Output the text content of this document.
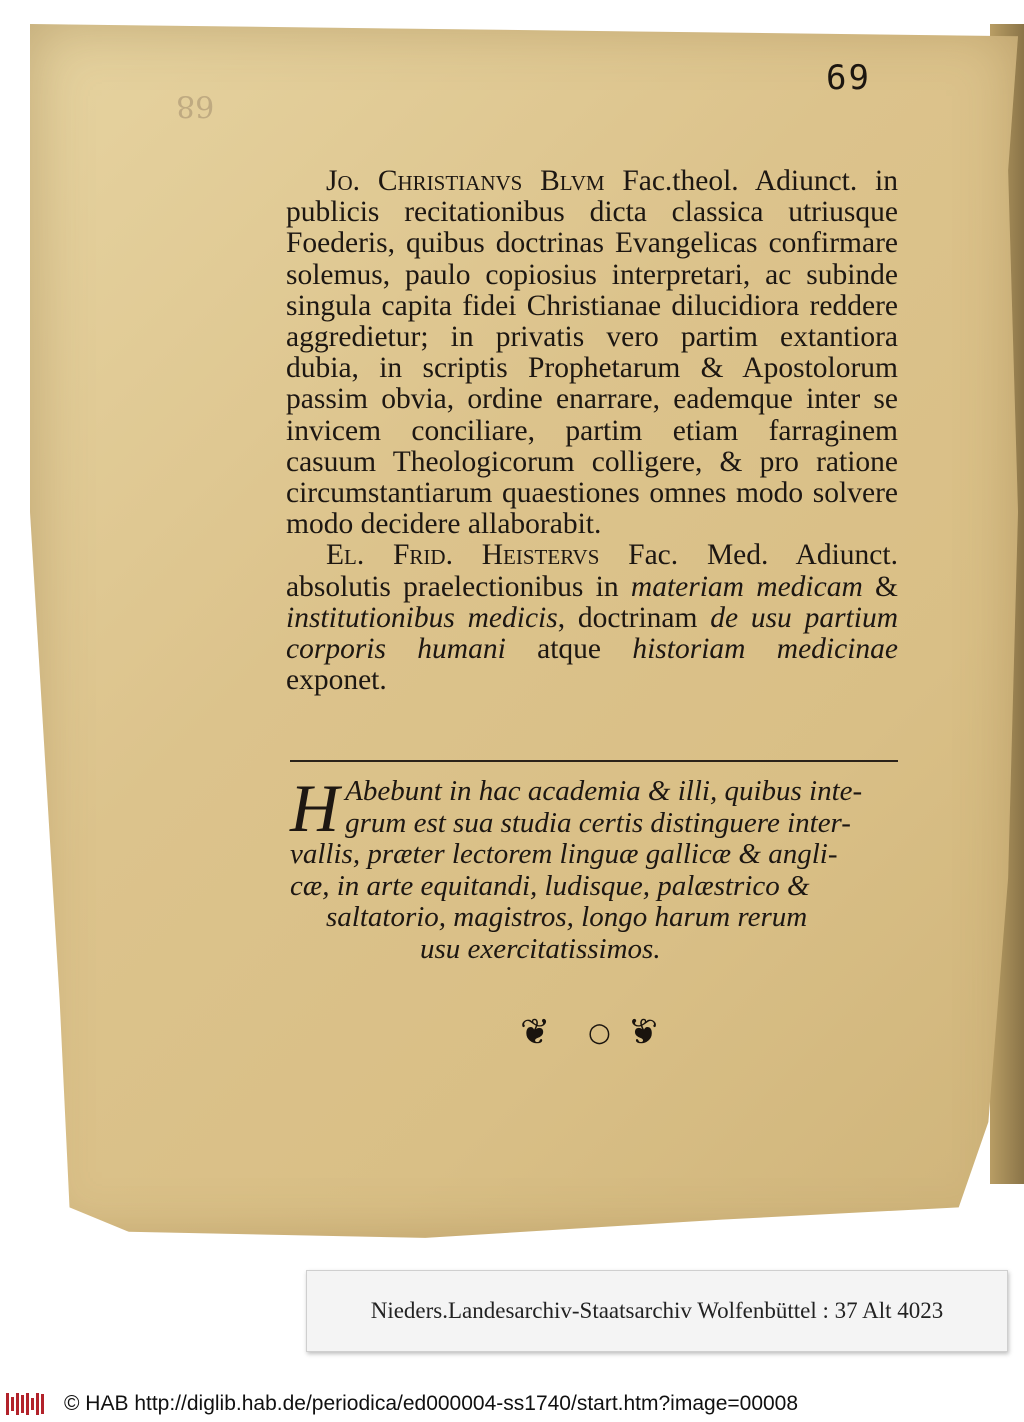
68
69

Jo. Christianvs Blvm Fac.theol. Adiunct. in publicis recitationibus dicta classica utriusque Foederis, quibus doctrinas Evangelicas confirmare solemus, paulo copiosius interpretari, ac subinde singula capita fidei Christianae dilucidiora reddere aggredietur; in privatis vero partim extantiora dubia, in scriptis Prophetarum & Apostolorum passim obvia, ordine enarrare, eademque inter se invicem conciliare, partim etiam farraginem casuum Theologicorum colligere, & pro ratione circumstantiarum quaestiones omnes modo solvere modo decidere allaborabit.

El. Frid. Heistervs Fac. Med. Adiunct. absolutis praelectionibus in materiam medicam & institutionibus medicis, doctrinam de usu partium corporis humani atque historiam medicinae exponet.

H Abebunt in hac academia & illi, quibus inte-
grum est sua studia certis distinguere inter-
vallis, præter lectorem linguæ gallicæ & angli-
cæ, in arte equitandi, ludisque, palæstrico &
saltatorio, magistros, longo harum rerum
usu exercitatissimos.
❦ ○ ❦
Nieders.Landesarchiv-Staatsarchiv Wolfenbüttel : 37 Alt 4023
© HAB http://diglib.hab.de/periodica/ed000004-ss1740/start.htm?image=00008
